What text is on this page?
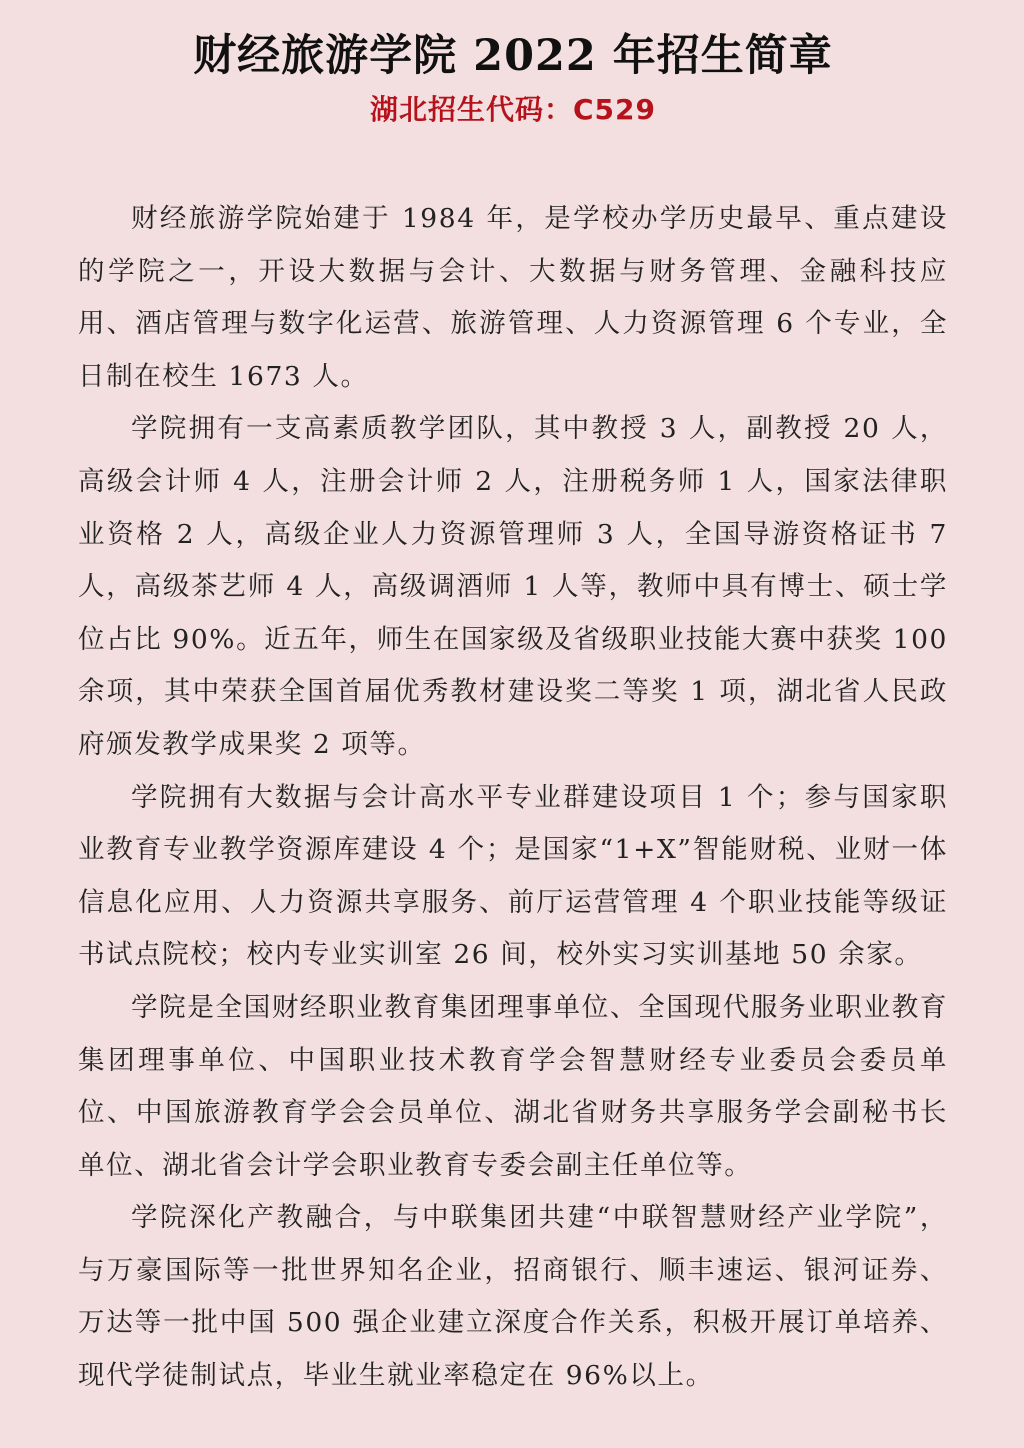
财经旅游学院 2022 年招生简章
湖北招生代码：C529

财经旅游学院始建于 1984 年，是学校办学历史最早、重点建设的学院之一，开设大数据与会计、大数据与财务管理、金融科技应用、酒店管理与数字化运营、旅游管理、人力资源管理 6 个专业，全日制在校生 1673 人。

学院拥有一支高素质教学团队，其中教授 3 人，副教授 20 人，高级会计师 4 人，注册会计师 2 人，注册税务师 1 人，国家法律职业资格 2 人，高级企业人力资源管理师 3 人，全国导游资格证书 7 人，高级茶艺师 4 人，高级调酒师 1 人等，教师中具有博士、硕士学位占比 90%。近五年，师生在国家级及省级职业技能大赛中获奖 100 余项，其中荣获全国首届优秀教材建设奖二等奖 1 项，湖北省人民政府颁发教学成果奖 2 项等。

学院拥有大数据与会计高水平专业群建设项目 1 个；参与国家职业教育专业教学资源库建设 4 个；是国家“1+X”智能财税、业财一体信息化应用、人力资源共享服务、前厅运营管理 4 个职业技能等级证书试点院校；校内专业实训室 26 间，校外实习实训基地 50 余家。

学院是全国财经职业教育集团理事单位、全国现代服务业职业教育集团理事单位、中国职业技术教育学会智慧财经专业委员会委员单位、中国旅游教育学会会员单位、湖北省财务共享服务学会副秘书长单位、湖北省会计学会职业教育专委会副主任单位等。

学院深化产教融合，与中联集团共建“中联智慧财经产业学院”，与万豪国际等一批世界知名企业，招商银行、顺丰速运、银河证券、万达等一批中国 500 强企业建立深度合作关系，积极开展订单培养、现代学徒制试点，毕业生就业率稳定在 96%以上。
